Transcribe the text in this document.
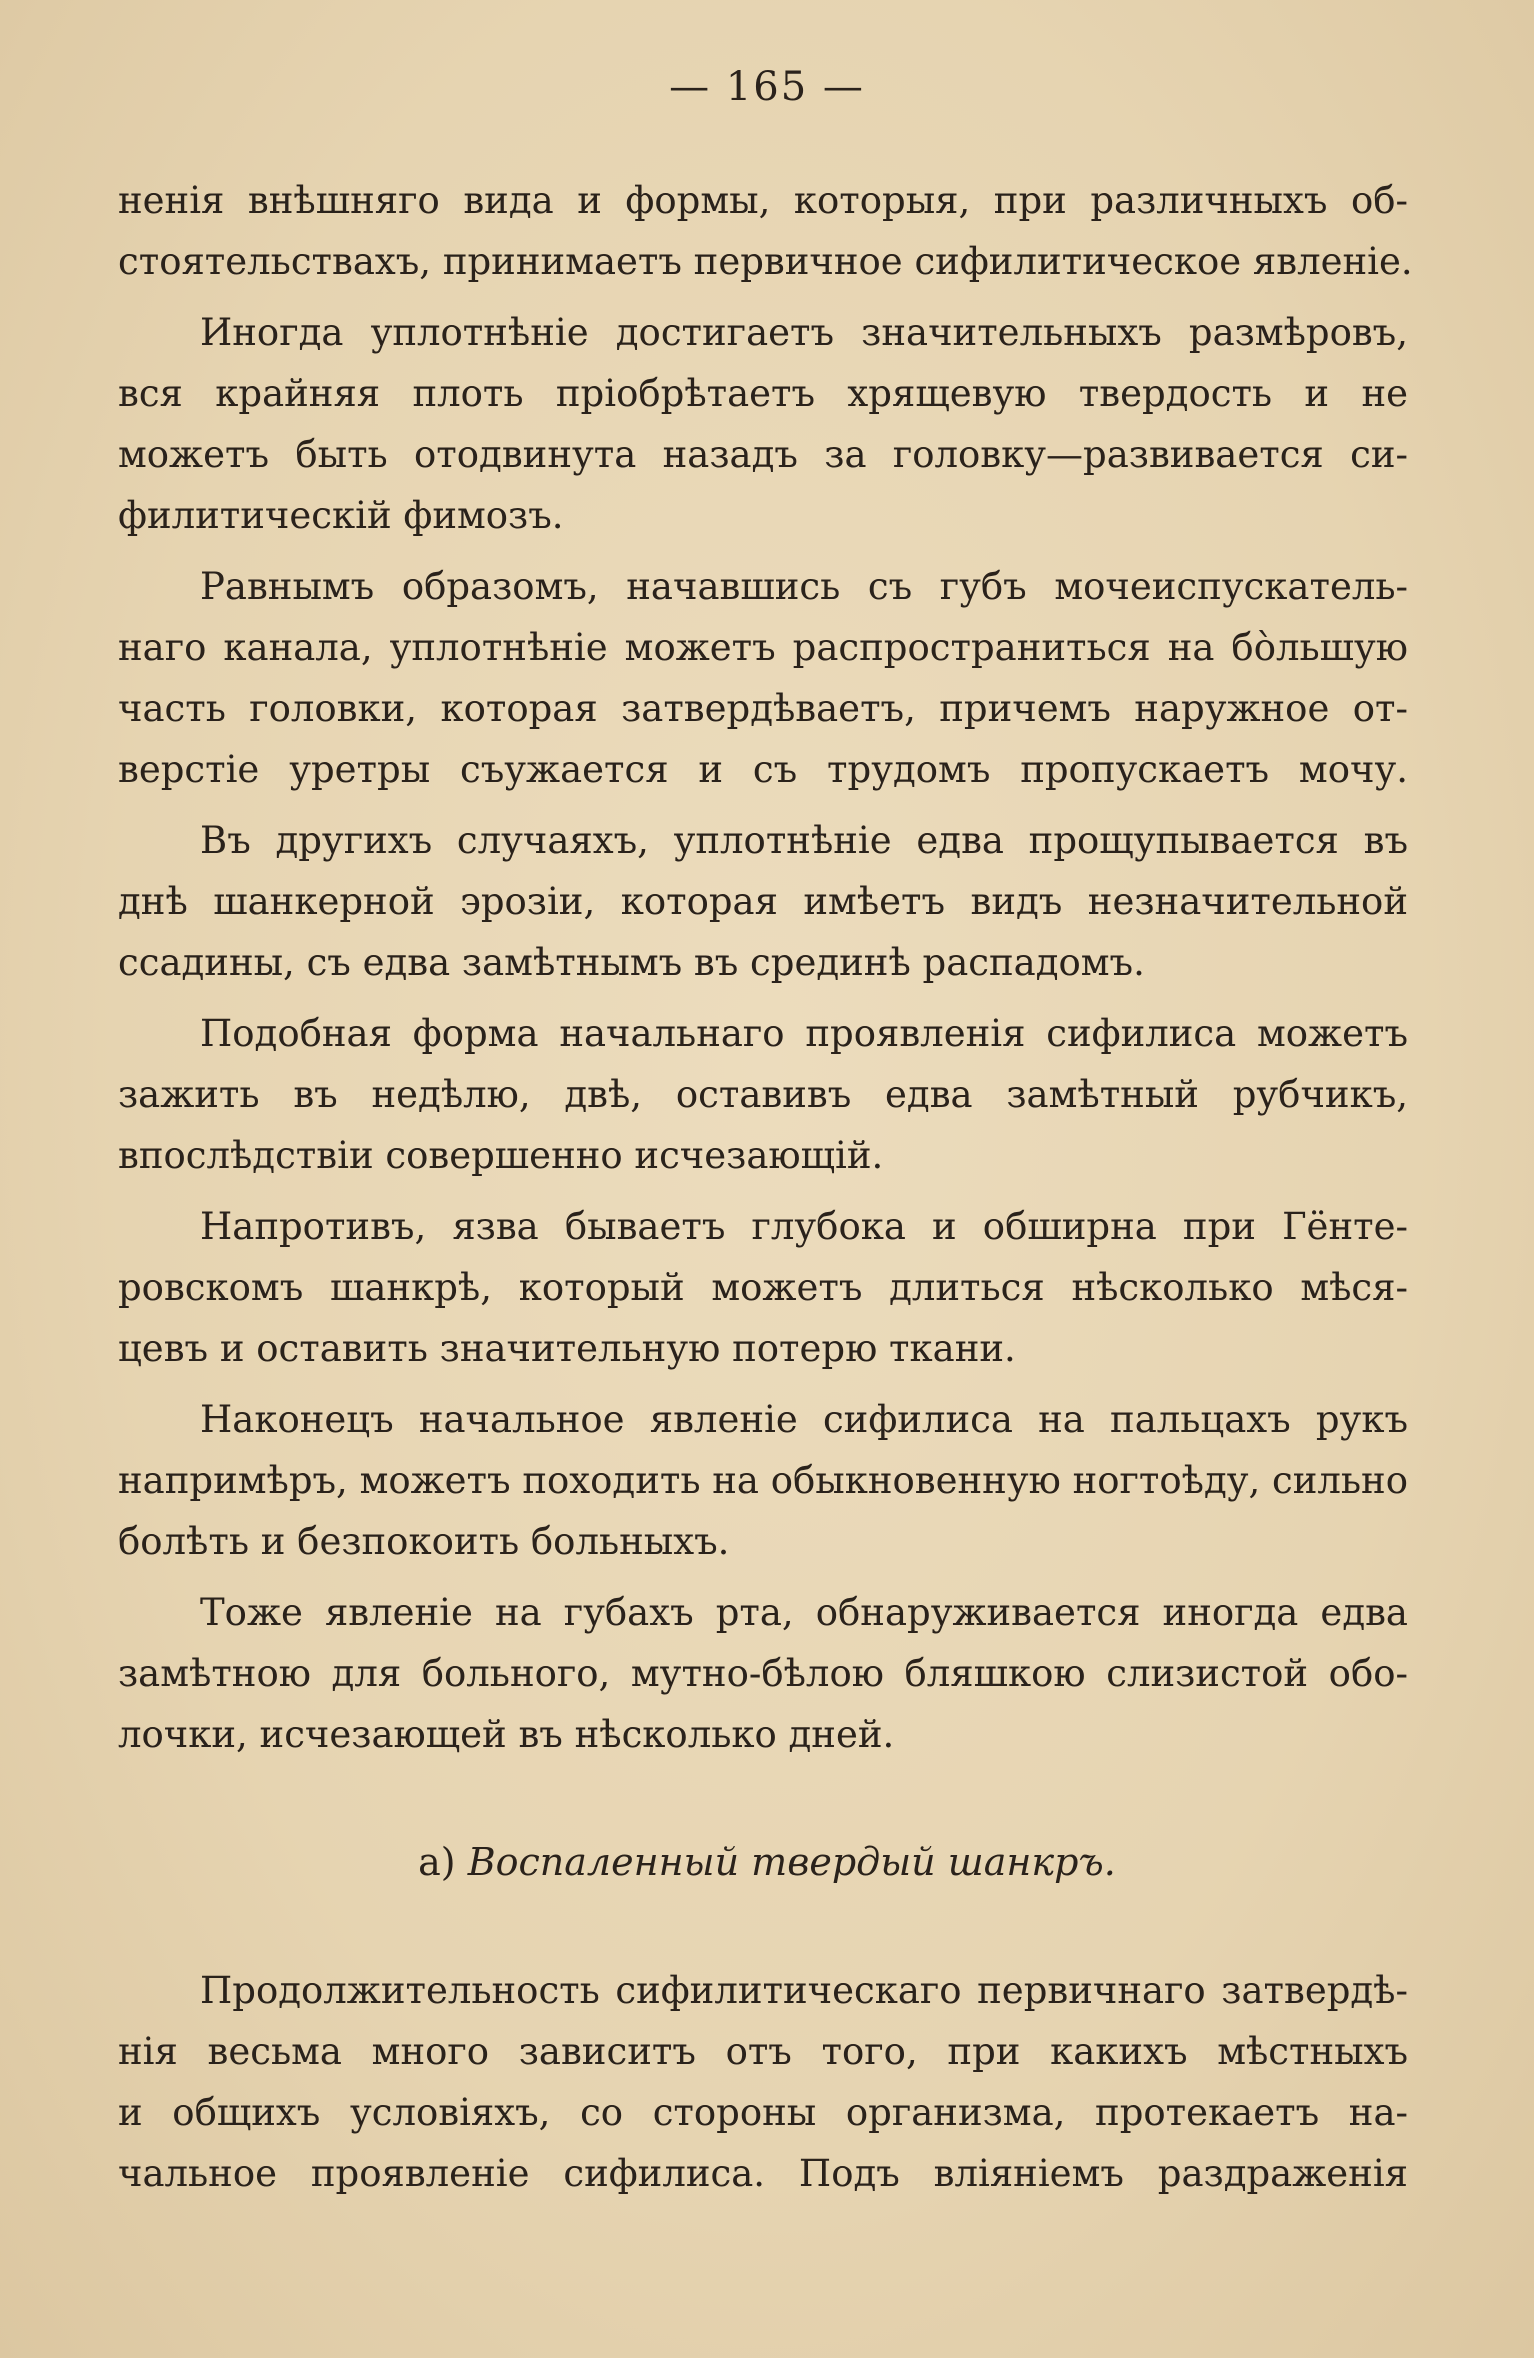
— 165 —
ненія внѣшняго вида и формы, которыя, при различныхъ об-
стоятельствахъ, принимаетъ первичное сифилитическое явленіе.
Иногда уплотнѣніе достигаетъ значительныхъ размѣровъ,
вся крайняя плоть пріобрѣтаетъ хрящевую твердость и не
можетъ быть отодвинута назадъ за головку—развивается си-
филитическій фимозъ.
Равнымъ образомъ, начавшись съ губъ мочеиспускатель-
наго канала, уплотнѣніе можетъ распространиться на бо̀льшую
часть головки, которая затвердѣваетъ, причемъ наружное от-
верстіе уретры съужается и съ трудомъ пропускаетъ мочу.
Въ другихъ случаяхъ, уплотнѣніе едва прощупывается въ
днѣ шанкерной эрозіи, которая имѣетъ видъ незначительной
ссадины, съ едва замѣтнымъ въ срединѣ распадомъ.
Подобная форма начальнаго проявленія сифилиса можетъ
зажить въ недѣлю, двѣ, оставивъ едва замѣтный рубчикъ,
впослѣдствіи совершенно исчезающій.
Напротивъ, язва бываетъ глубока и обширна при Гёнте-
ровскомъ шанкрѣ, который можетъ длиться нѣсколько мѣся-
цевъ и оставить значительную потерю ткани.
Наконецъ начальное явленіе сифилиса на пальцахъ рукъ
напримѣръ, можетъ походить на обыкновенную ногтоѣду, сильно
болѣть и безпокоить больныхъ.
Тоже явленіе на губахъ рта, обнаруживается иногда едва
замѣтною для больного, мутно-бѣлою бляшкою слизистой обо-
лочки, исчезающей въ нѣсколько дней.
a) Воспаленный твердый шанкръ.
Продолжительность сифилитическаго первичнаго затвердѣ-
нія весьма много зависитъ отъ того, при какихъ мѣстныхъ
и общихъ условіяхъ, со стороны организма, протекаетъ на-
чальное проявленіе сифилиса. Подъ вліяніемъ раздраженія
